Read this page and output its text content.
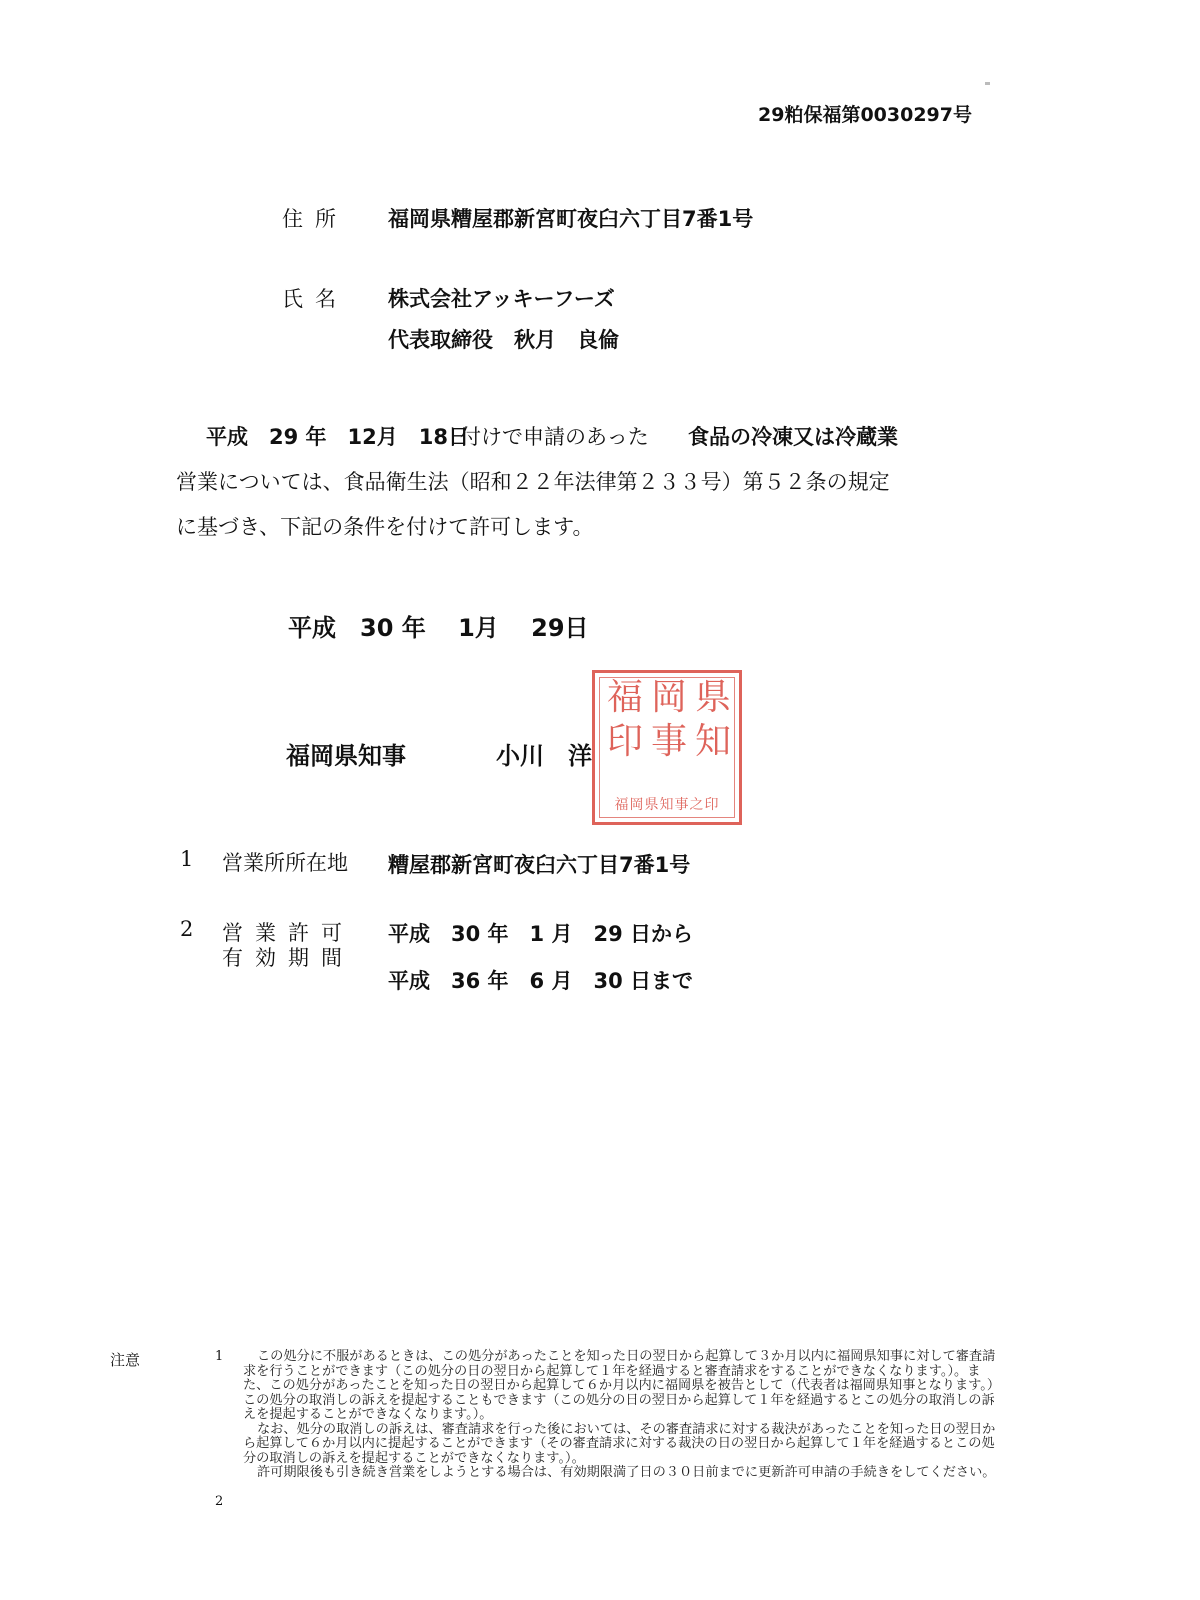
29粕保福第0030297号
住所 福岡県糟屋郡新宮町夜臼六丁目7番1号
氏名 株式会社アッキーフーズ
代表取締役　秋月　良倫
平成　29 年　12月　18日
付けで申請のあった 食品の冷凍又は冷蔵業
営業については、食品衛生法（昭和２２年法律第２３３号）第５２条の規定
に基づき、下記の条件を付けて許可します。
平成　30 年　 1月　 29日
福岡県知事	小川　洋
県
知
岡
事
福
印
福岡県知事之印
1 営業所所在地 糟屋郡新宮町夜臼六丁目7番1号
2 営業許可
有効期間
平成　30 年　1 月　29 日から
平成　36 年　6 月　30 日まで
注意	1	この処分に不服があるときは、この処分があったことを知った日の翌日から起算して３か月以内に福岡県知事に対して審査請求を行うことができます（この処分の日の翌日から起算して１年を経過すると審査請求をすることができなくなります。）。また、この処分があったことを知った日の翌日から起算して６か月以内に福岡県を被告として（代表者は福岡県知事となります。）この処分の取消しの訴えを提起することもできます（この処分の日の翌日から起算して１年を経過するとこの処分の取消しの訴えを提起することができなくなります。）。

なお、処分の取消しの訴えは、審査請求を行った後においては、その審査請求に対する裁決があったことを知った日の翌日から起算して６か月以内に提起することができます（その審査請求に対する裁決の日の翌日から起算して１年を経過するとこの処分の取消しの訴えを提起することができなくなります。）。

許可期限後も引き続き営業をしようとする場合は、有効期限満了日の３０日前までに更新許可申請の手続きをしてください。

2
